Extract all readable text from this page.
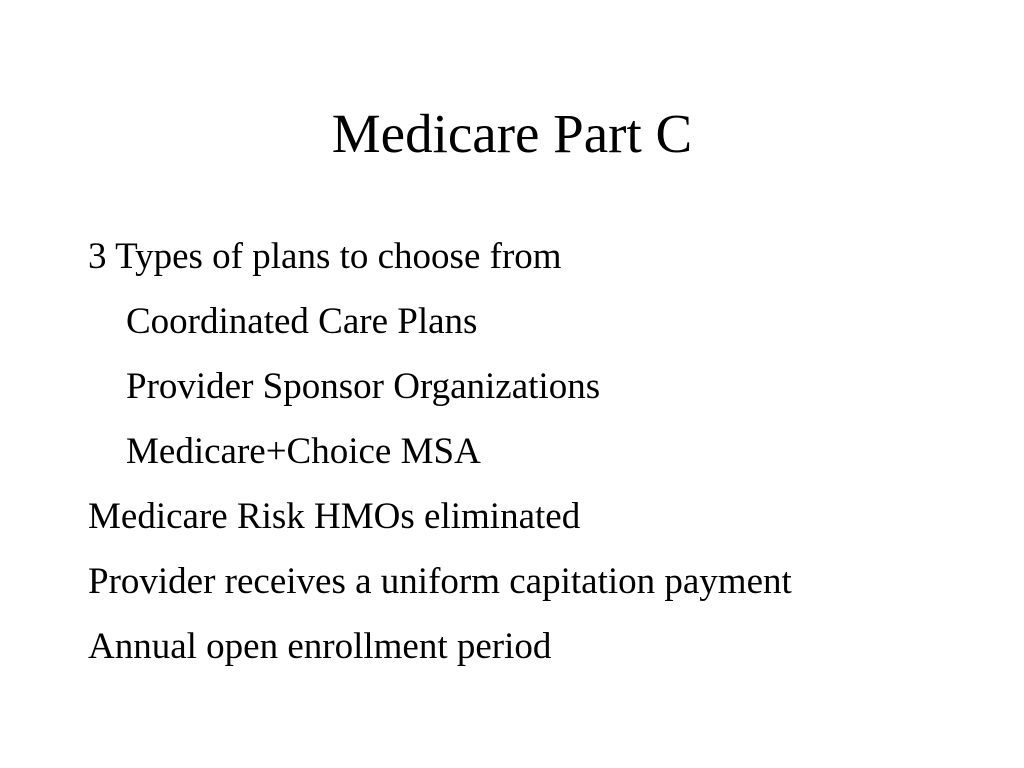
Medicare Part C
3 Types of plans to choose from
Coordinated Care Plans
Provider Sponsor Organizations
Medicare+Choice MSA
Medicare Risk HMOs eliminated
Provider receives a uniform capitation payment
Annual open enrollment period
